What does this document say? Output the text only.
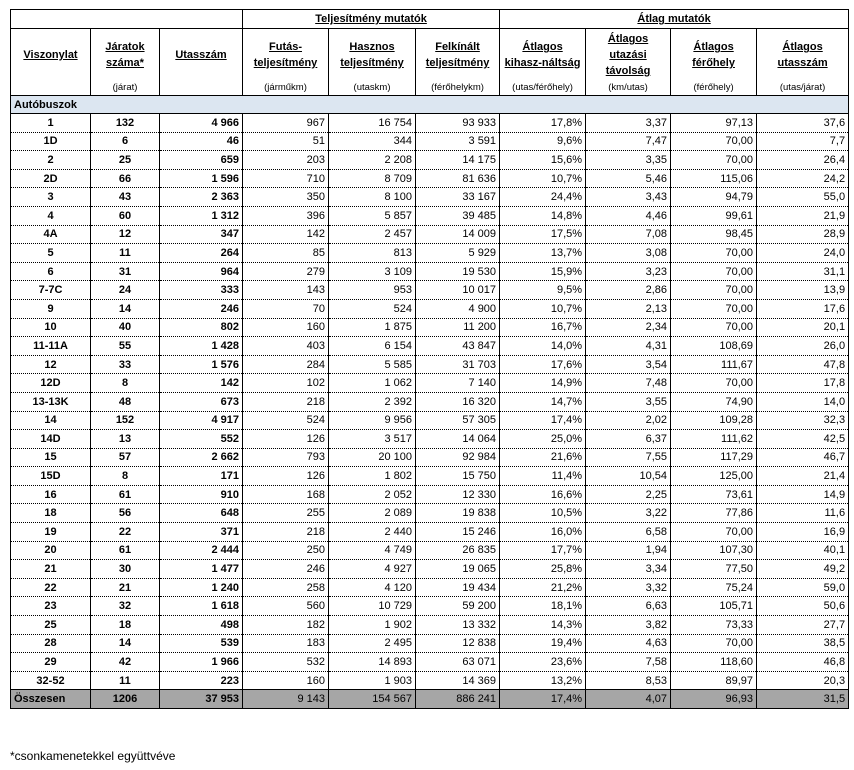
			Teljesítmény mutatók			Átlag mutatók			
Viszonylat	Járatok száma*	Utasszám	Futás-teljesítmény	Hasznos teljesítmény	Felkínált teljesítmény	Átlagos kihasz-náltság	Átlagos utazási távolság	Átlagos férőhely	Átlagos utasszám
	(járat)		(járműkm)	(utaskm)	(férőhelykm)	(utas/férőhely)	(km/utas)	(férőhely)	(utas/járat)
Autóbuszok									
1	132	4 966	967	16 754	93 933	17,8%	3,37	97,13	37,6
1D	6	46	51	344	3 591	9,6%	7,47	70,00	7,7
2	25	659	203	2 208	14 175	15,6%	3,35	70,00	26,4
2D	66	1 596	710	8 709	81 636	10,7%	5,46	115,06	24,2
3	43	2 363	350	8 100	33 167	24,4%	3,43	94,79	55,0
4	60	1 312	396	5 857	39 485	14,8%	4,46	99,61	21,9
4A	12	347	142	2 457	14 009	17,5%	7,08	98,45	28,9
5	11	264	85	813	5 929	13,7%	3,08	70,00	24,0
6	31	964	279	3 109	19 530	15,9%	3,23	70,00	31,1
7-7C	24	333	143	953	10 017	9,5%	2,86	70,00	13,9
9	14	246	70	524	4 900	10,7%	2,13	70,00	17,6
10	40	802	160	1 875	11 200	16,7%	2,34	70,00	20,1
11-11A	55	1 428	403	6 154	43 847	14,0%	4,31	108,69	26,0
12	33	1 576	284	5 585	31 703	17,6%	3,54	111,67	47,8
12D	8	142	102	1 062	7 140	14,9%	7,48	70,00	17,8
13-13K	48	673	218	2 392	16 320	14,7%	3,55	74,90	14,0
14	152	4 917	524	9 956	57 305	17,4%	2,02	109,28	32,3
14D	13	552	126	3 517	14 064	25,0%	6,37	111,62	42,5
15	57	2 662	793	20 100	92 984	21,6%	7,55	117,29	46,7
15D	8	171	126	1 802	15 750	11,4%	10,54	125,00	21,4
16	61	910	168	2 052	12 330	16,6%	2,25	73,61	14,9
18	56	648	255	2 089	19 838	10,5%	3,22	77,86	11,6
19	22	371	218	2 440	15 246	16,0%	6,58	70,00	16,9
20	61	2 444	250	4 749	26 835	17,7%	1,94	107,30	40,1
21	30	1 477	246	4 927	19 065	25,8%	3,34	77,50	49,2
22	21	1 240	258	4 120	19 434	21,2%	3,32	75,24	59,0
23	32	1 618	560	10 729	59 200	18,1%	6,63	105,71	50,6
25	18	498	182	1 902	13 332	14,3%	3,82	73,33	27,7
28	14	539	183	2 495	12 838	19,4%	4,63	70,00	38,5
29	42	1 966	532	14 893	63 071	23,6%	7,58	118,60	46,8
32-52	11	223	160	1 903	14 369	13,2%	8,53	89,97	20,3
Összesen	1206	37 953	9 143	154 567	886 241	17,4%	4,07	96,93	31,5
*csonkamenetekkel együttvéve
